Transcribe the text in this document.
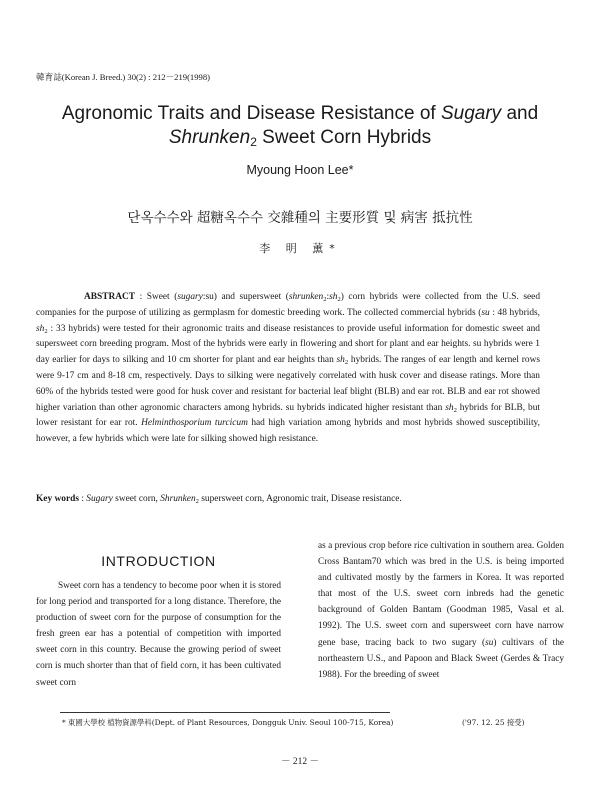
韓育誌(Korean J. Breed.) 30(2) : 212－219(1998)
Agronomic Traits and Disease Resistance of Sugary and
Shrunken$_2$ Sweet Corn Hybrids
Myoung Hoon Lee*
단옥수수와 超糖옥수수 交雜種의 主要形質 및 病害 抵抗性
李 明 薰*

ABSTRACT : Sweet (sugary:su) and supersweet $(shrunken_2:sh_2)$ corn hybrids were collected from the U.S. seed companies for the purpose of utilizing as germplasm for domestic breeding work. The collected commercial hybrids (su : 48 hybrids, $sh_2$ : 33 hybrids) were tested for their agronomic traits and disease resistances to provide useful information for domestic sweet and supersweet corn breeding program. Most of the hybrids were early in flowering and short for plant and ear heights. su hybrids were 1 day earlier for days to silking and 10 cm shorter for plant and ear heights than $sh_2$ hybrids. The ranges of ear length and kernel rows were 9-17 cm and 8-18 cm, respectively. Days to silking were negatively correlated with husk cover and disease ratings. More than 60% of the hybrids tested were good for husk cover and resistant for bacterial leaf blight (BLB) and ear rot. BLB and ear rot showed higher variation than other agronomic characters among hybrids. su hybrids indicated higher resistant than $sh_2$ hybrids for BLB, but lower resistant for ear rot. Helminthosporium turcicum had high variation among hybrids and most hybrids showed susceptibility, however, a few hybrids which were late for silking showed high resistance.

Key words : Sugary sweet corn, Shrunken$_2$ supersweet corn, Agronomic trait, Disease resistance.
INTRODUCTION

Sweet corn has a tendency to become poor when it is stored for long period and transported for a long distance. Therefore, the production of sweet corn for the purpose of consumption for the fresh green ear has a potential of competition with imported sweet corn in this country. Because the growing period of sweet corn is much shorter than that of field corn, it has been cultivated sweet corn

as a previous crop before rice cultivation in southern area. Golden Cross Bantam70 which was bred in the U.S. is being imported and cultivated mostly by the farmers in Korea. It was reported that most of the U.S. sweet corn inbreds had the genetic background of Golden Bantam (Goodman 1985, Vasal et al. 1992). The U.S. sweet corn and supersweet corn have narrow gene base, tracing back to two sugary (su) cultivars of the northeastern U.S., and Papoon and Black Sweet (Gerdes & Tracy 1988). For the breeding of sweet

* 東國大學校 植物資源學科(Dept. of Plant Resources, Dongguk Univ. Seoul 100-715, Korea)	('97. 12. 25 接受)
－ 212 －
